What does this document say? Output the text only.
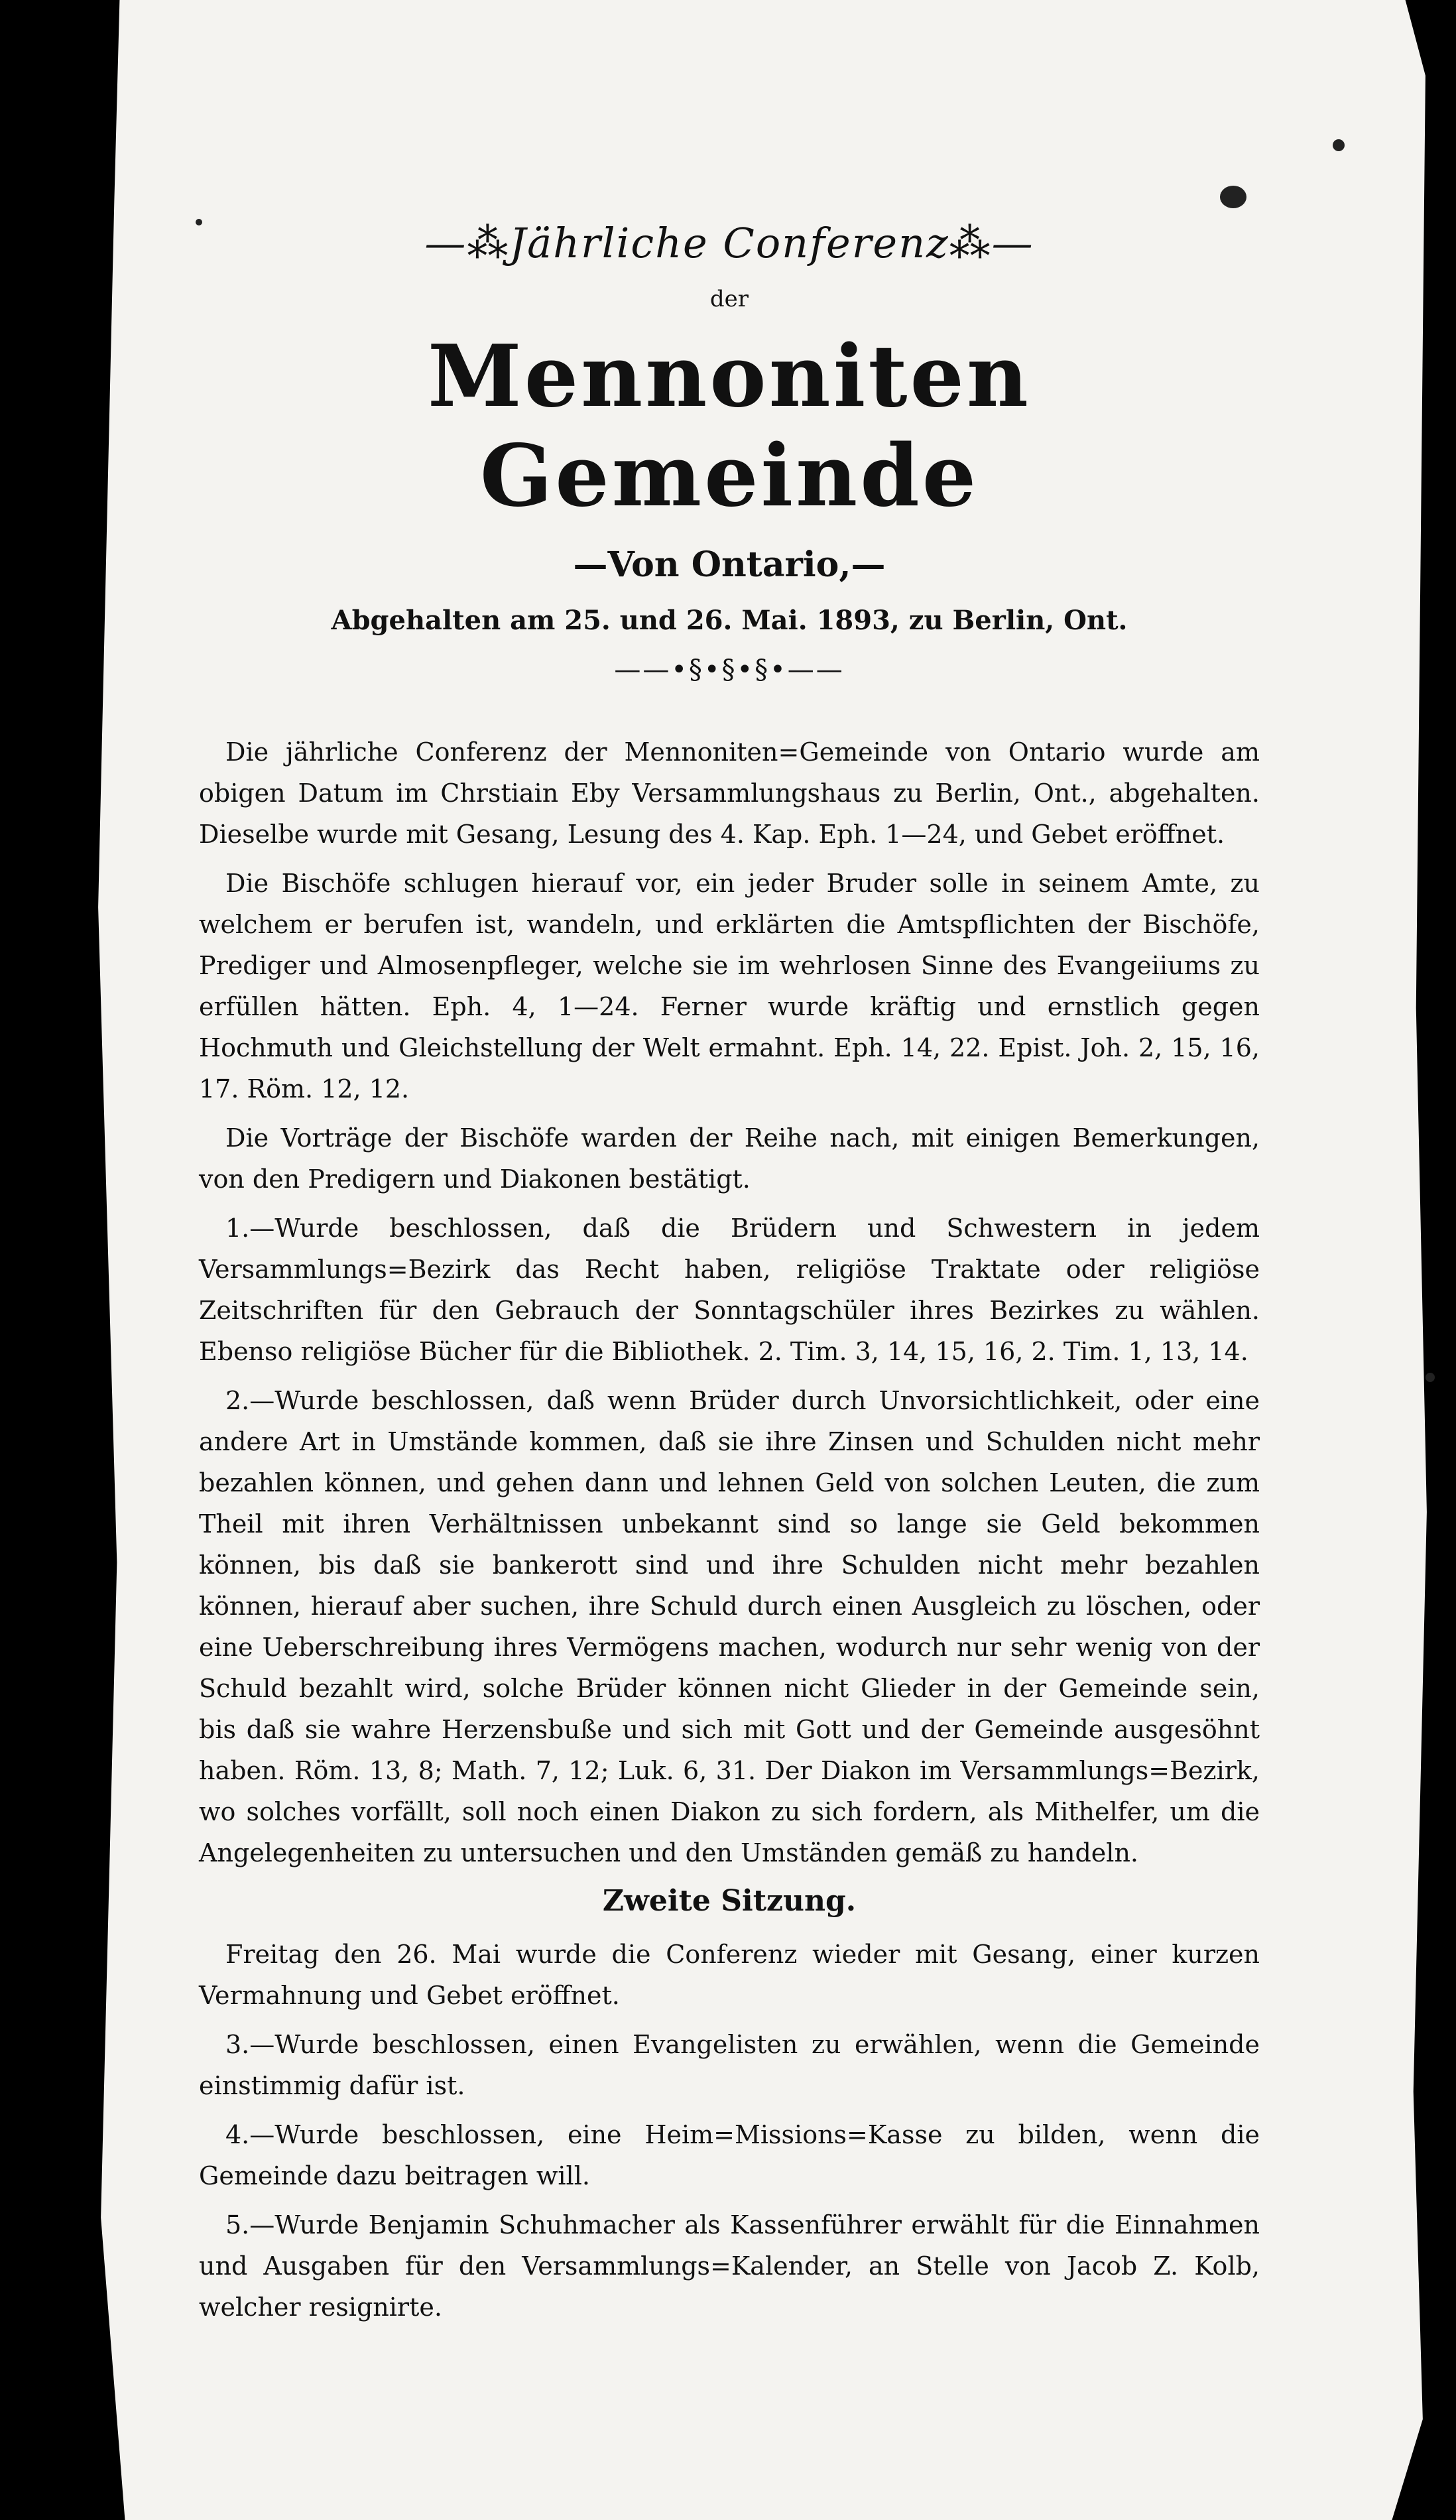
—⁂Jährliche Conferenz⁂—
der
Mennoniten Gemeinde
—Von Ontario,—
Abgehalten am 25. und 26. Mai. 1893, zu Berlin, Ont.
——•§•§•§•——

Die jährliche Conferenz der Mennoniten=Gemeinde von Ontario wurde am obigen Datum im Chrstiain Eby Versammlungshaus zu Berlin, Ont., abgehalten. Dieselbe wurde mit Gesang, Lesung des 4. Kap. Eph. 1—24, und Gebet eröffnet.

Die Bischöfe schlugen hierauf vor, ein jeder Bruder solle in seinem Amte, zu welchem er berufen ist, wandeln, und erklärten die Amtspflichten der Bischöfe, Prediger und Almosenpfleger, welche sie im wehrlosen Sinne des Evangeiiums zu erfüllen hätten. Eph. 4, 1—24. Ferner wurde kräftig und ernstlich gegen Hochmuth und Gleichstellung der Welt ermahnt. Eph. 14, 22. Epist. Joh. 2, 15, 16, 17. Röm. 12, 12.

Die Vorträge der Bischöfe warden der Reihe nach, mit einigen Bemerkungen, von den Predigern und Diakonen bestätigt.

1.—Wurde beschlossen, daß die Brüdern und Schwestern in jedem Versammlungs=Bezirk das Recht haben, religiöse Traktate oder religiöse Zeitschriften für den Gebrauch der Sonntagschüler ihres Bezirkes zu wählen. Ebenso religiöse Bücher für die Bibliothek. 2. Tim. 3, 14, 15, 16, 2. Tim. 1, 13, 14.

2.—Wurde beschlossen, daß wenn Brüder durch Unvorsichtlichkeit, oder eine andere Art in Umstände kommen, daß sie ihre Zinsen und Schulden nicht mehr bezahlen können, und gehen dann und lehnen Geld von solchen Leuten, die zum Theil mit ihren Verhältnissen unbekannt sind so lange sie Geld bekommen können, bis daß sie bankerott sind und ihre Schulden nicht mehr bezahlen können, hierauf aber suchen, ihre Schuld durch einen Ausgleich zu löschen, oder eine Ueberschreibung ihres Vermögens machen, wodurch nur sehr wenig von der Schuld bezahlt wird, solche Brüder können nicht Glieder in der Gemeinde sein, bis daß sie wahre Herzensbuße und sich mit Gott und der Gemeinde ausgesöhnt haben. Röm. 13, 8; Math. 7, 12; Luk. 6, 31. Der Diakon im Versammlungs=Bezirk, wo solches vorfällt, soll noch einen Diakon zu sich fordern, als Mithelfer, um die Angelegenheiten zu untersuchen und den Umständen gemäß zu handeln.

Zweite Sitzung.

Freitag den 26. Mai wurde die Conferenz wieder mit Gesang, einer kurzen Vermahnung und Gebet eröffnet.

3.—Wurde beschlossen, einen Evangelisten zu erwählen, wenn die Gemeinde einstimmig dafür ist.

4.—Wurde beschlossen, eine Heim=Missions=Kasse zu bilden, wenn die Gemeinde dazu beitragen will.

5.—Wurde Benjamin Schuhmacher als Kassenführer erwählt für die Einnahmen und Ausgaben für den Versammlungs=Kalender, an Stelle von Jacob Z. Kolb, welcher resignirte.
